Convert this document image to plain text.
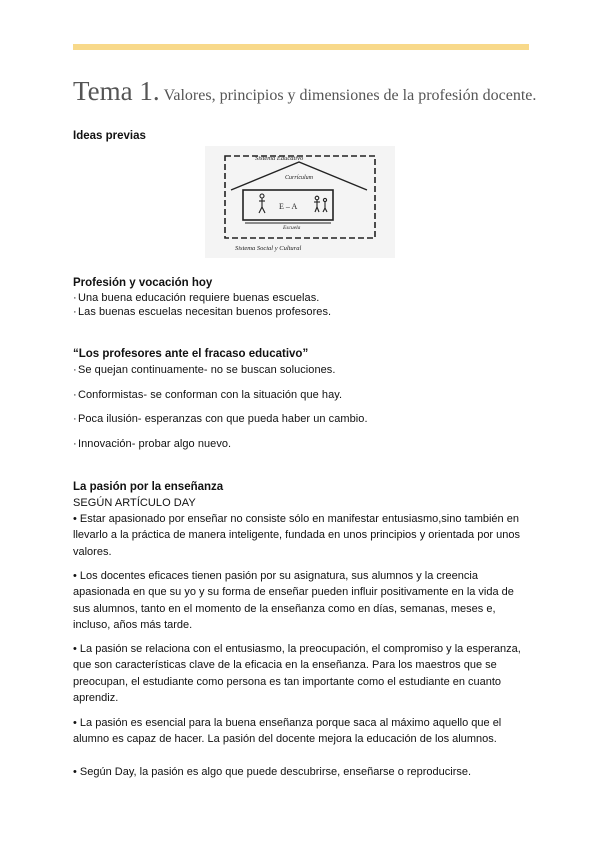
Tema 1. Valores, principios y dimensiones de la profesión docente.
Ideas previas
Sistema Educativo
Currículum
E – A
Escuela
Sistema Social y Cultural
Profesión y vocación hoy
·Una buena educación requiere buenas escuelas.
·Las buenas escuelas necesitan buenos profesores.
“Los profesores ante el fracaso educativo”
·Se quejan continuamente- no se buscan soluciones.
·Conformistas- se conforman con la situación que hay.
·Poca ilusión- esperanzas con que pueda haber un cambio.
·Innovación- probar algo nuevo.
La pasión por la enseñanza
SEGÚN ARTÍCULO DAY
• Estar apasionado por enseñar no consiste sólo en manifestar entusiasmo,sino también en llevarlo a la práctica de manera inteligente, fundada en unos principios y orientada por unos valores.
• Los docentes eficaces tienen pasión por su asignatura, sus alumnos y la creencia apasionada en que su yo y su forma de enseñar pueden influir positivamente en la vida de sus alumnos, tanto en el momento de la enseñanza como en días, semanas, meses e, incluso, años más tarde.
• La pasión se relaciona con el entusiasmo, la preocupación, el compromiso y la esperanza, que son características clave de la eficacia en la enseñanza. Para los maestros que se preocupan, el estudiante como persona es tan importante como el estudiante en cuanto aprendiz.
• La pasión es esencial para la buena enseñanza porque saca al máximo aquello que el alumno es capaz de hacer. La pasión del docente mejora la educación de los alumnos.
• Según Day, la pasión es algo que puede descubrirse, enseñarse o reproducirse.
